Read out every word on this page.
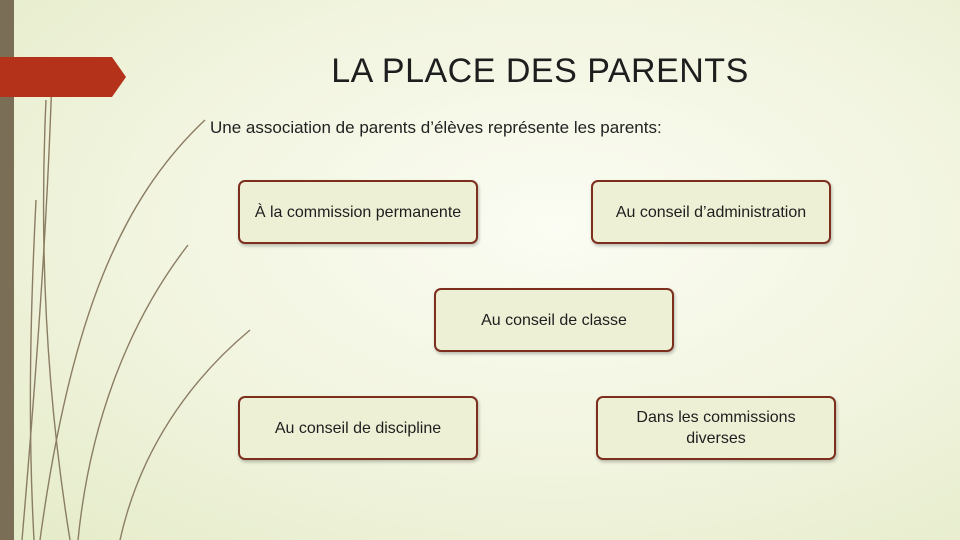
LA PLACE DES PARENTS
Une association de parents d’élèves représente les parents:
À la commission permanente	Au conseil d’administration
Au conseil de classe
Au conseil de discipline
Dans les commissions diverses
